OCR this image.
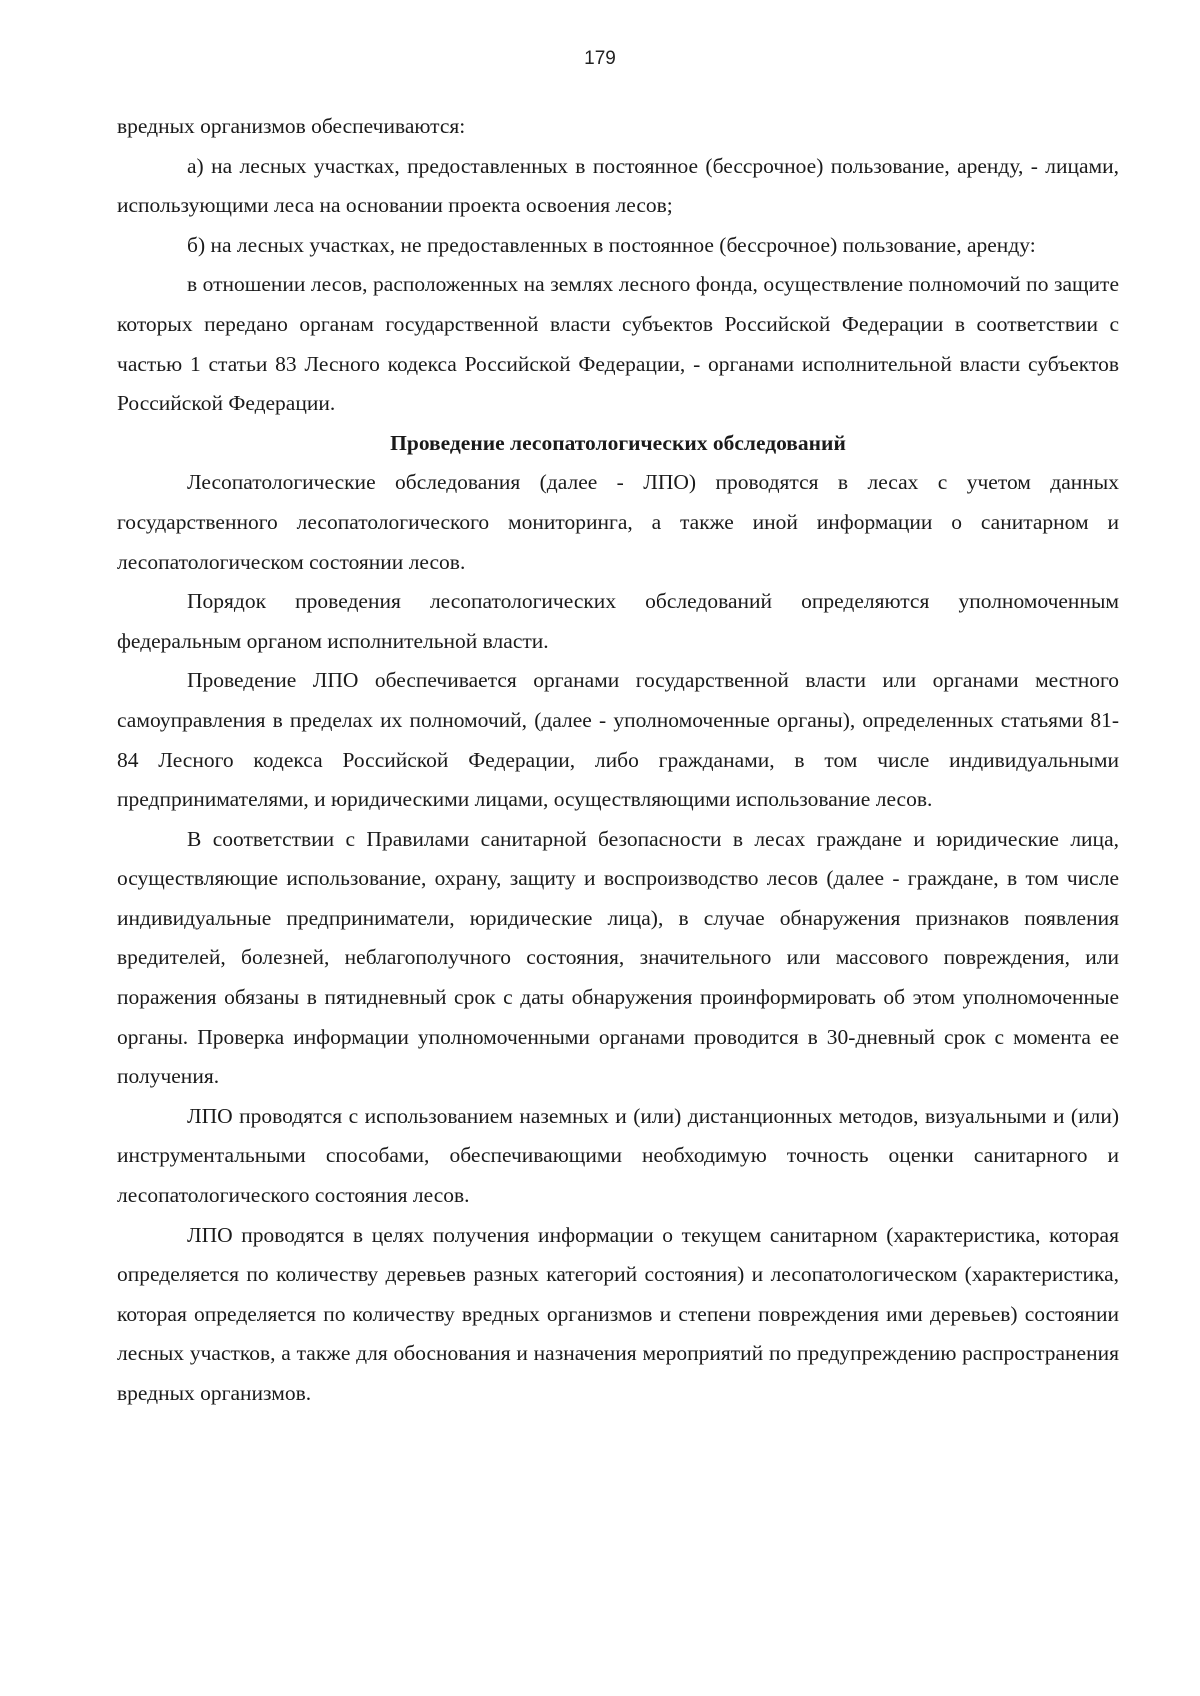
179

вредных организмов обеспечиваются:

а) на лесных участках, предоставленных в постоянное (бессрочное) пользование, аренду, - лицами, использующими леса на основании проекта освоения лесов;

б) на лесных участках, не предоставленных в постоянное (бессрочное) пользование, аренду:

в отношении лесов, расположенных на землях лесного фонда, осуществление полномочий по защите которых передано органам государственной власти субъектов Российской Федерации в соответствии с частью 1 статьи 83 Лесного кодекса Российской Федерации, - органами исполнительной власти субъектов Российской Федерации.

Проведение лесопатологических обследований

Лесопатологические обследования (далее - ЛПО) проводятся в лесах с учетом данных государственного лесопатологического мониторинга, а также иной информации о санитарном и лесопатологическом состоянии лесов.

Порядок проведения лесопатологических обследований определяются уполномоченным федеральным органом исполнительной власти.

Проведение ЛПО обеспечивается органами государственной власти или органами местного самоуправления в пределах их полномочий, (далее - уполномоченные органы), определенных статьями 81-84 Лесного кодекса Российской Федерации, либо гражданами, в том числе индивидуальными предпринимателями, и юридическими лицами, осуществляющими использование лесов.

В соответствии с Правилами санитарной безопасности в лесах граждане и юридические лица, осуществляющие использование, охрану, защиту и воспроизводство лесов (далее - граждане, в том числе индивидуальные предприниматели, юридические лица), в случае обнаружения признаков появления вредителей, болезней, неблагополучного состояния, значительного или массового повреждения, или поражения обязаны в пятидневный срок с даты обнаружения проинформировать об этом уполномоченные органы. Проверка информации уполномоченными органами проводится в 30-дневный срок с момента ее получения.

ЛПО проводятся с использованием наземных и (или) дистанционных методов, визуальными и (или) инструментальными способами, обеспечивающими необходимую точность оценки санитарного и лесопатологического состояния лесов.

ЛПО проводятся в целях получения информации о текущем санитарном (характеристика, которая определяется по количеству деревьев разных категорий состояния) и лесопатологическом (характеристика, которая определяется по количеству вредных организмов и степени повреждения ими деревьев) состоянии лесных участков, а также для обоснования и назначения мероприятий по предупреждению распространения вредных организмов.
